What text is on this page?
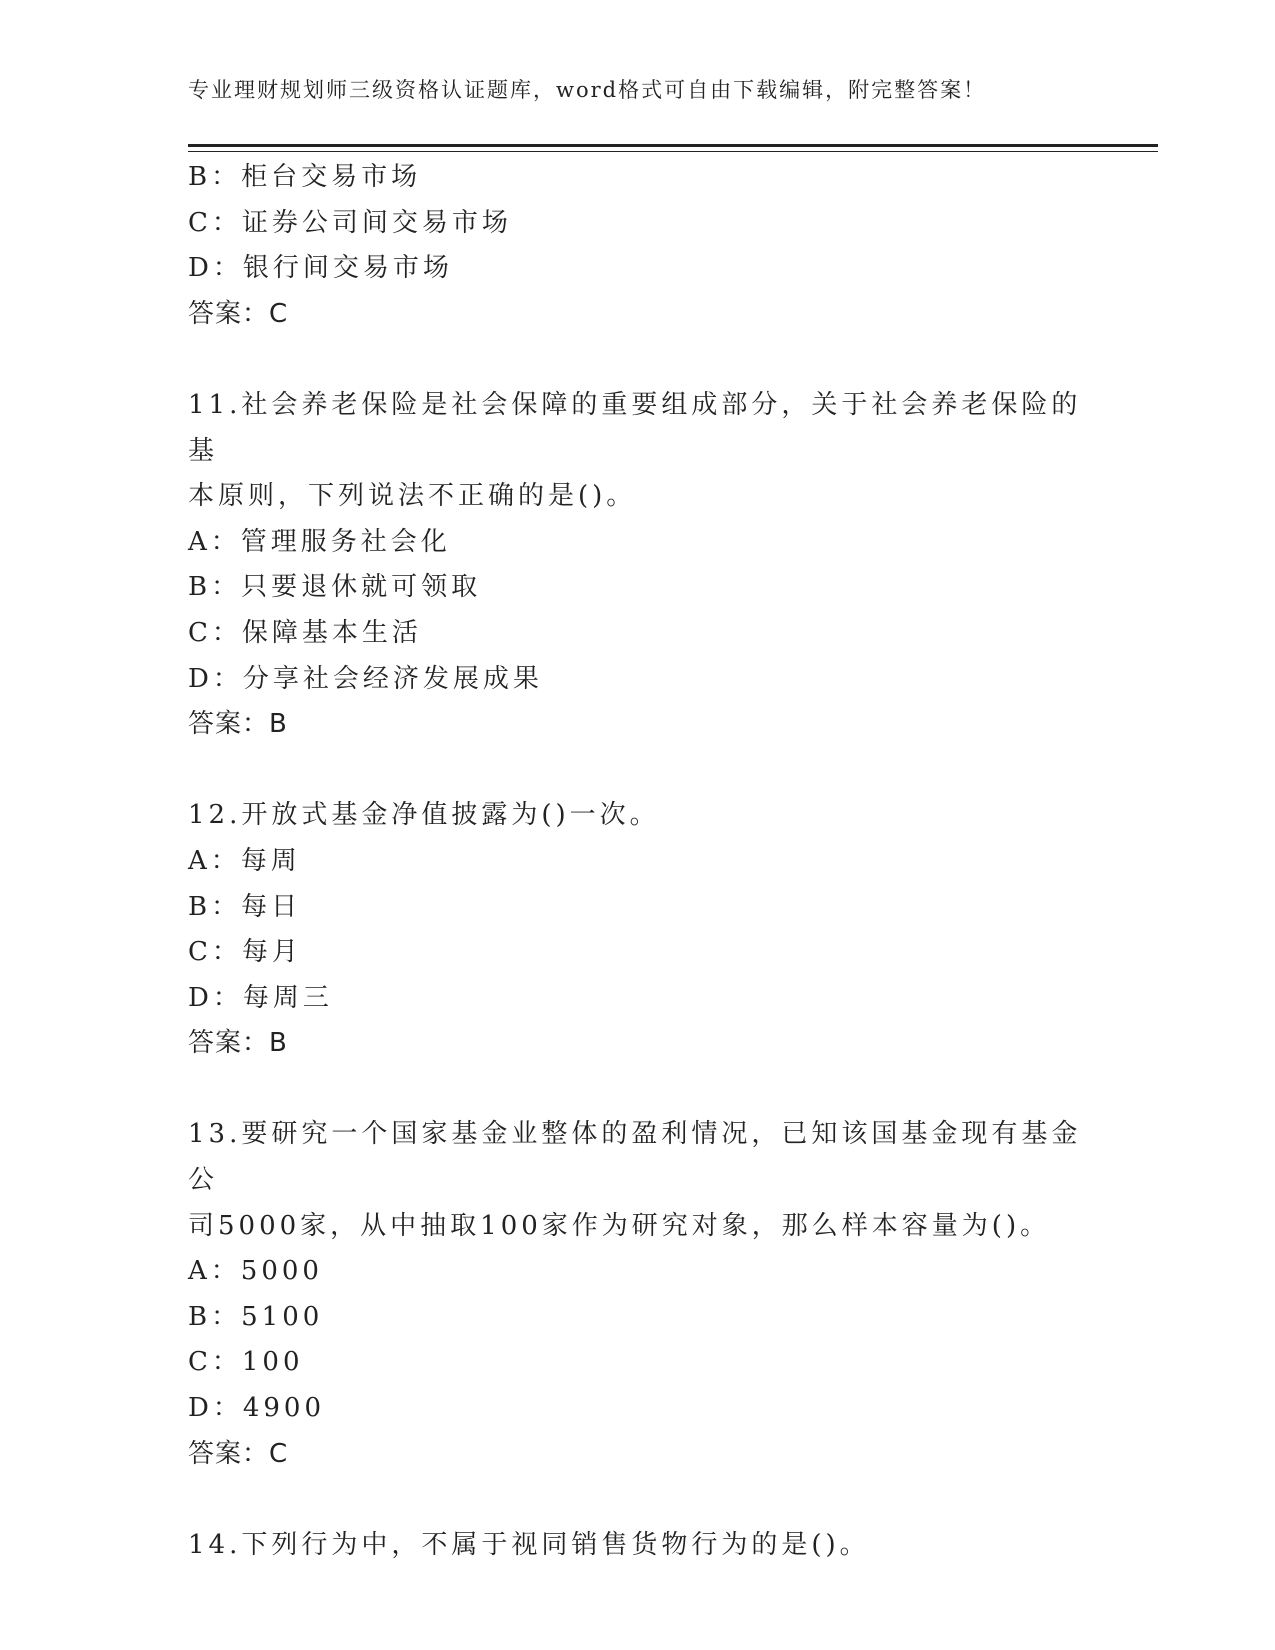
专业理财规划师三级资格认证题库，word格式可自由下载编辑，附完整答案！
B：柜台交易市场
C：证券公司间交易市场
D：银行间交易市场
答案：C
11.社会养老保险是社会保障的重要组成部分，关于社会养老保险的基
本原则，下列说法不正确的是()。
A：管理服务社会化
B：只要退休就可领取
C：保障基本生活
D：分享社会经济发展成果
答案：B
12.开放式基金净值披露为()一次。
A：每周
B：每日
C：每月
D：每周三
答案：B
13.要研究一个国家基金业整体的盈利情况，已知该国基金现有基金公
司5000家，从中抽取100家作为研究对象，那么样本容量为()。
A：5000
B：5100
C：100
D：4900
答案：C
14.下列行为中，不属于视同销售货物行为的是()。
